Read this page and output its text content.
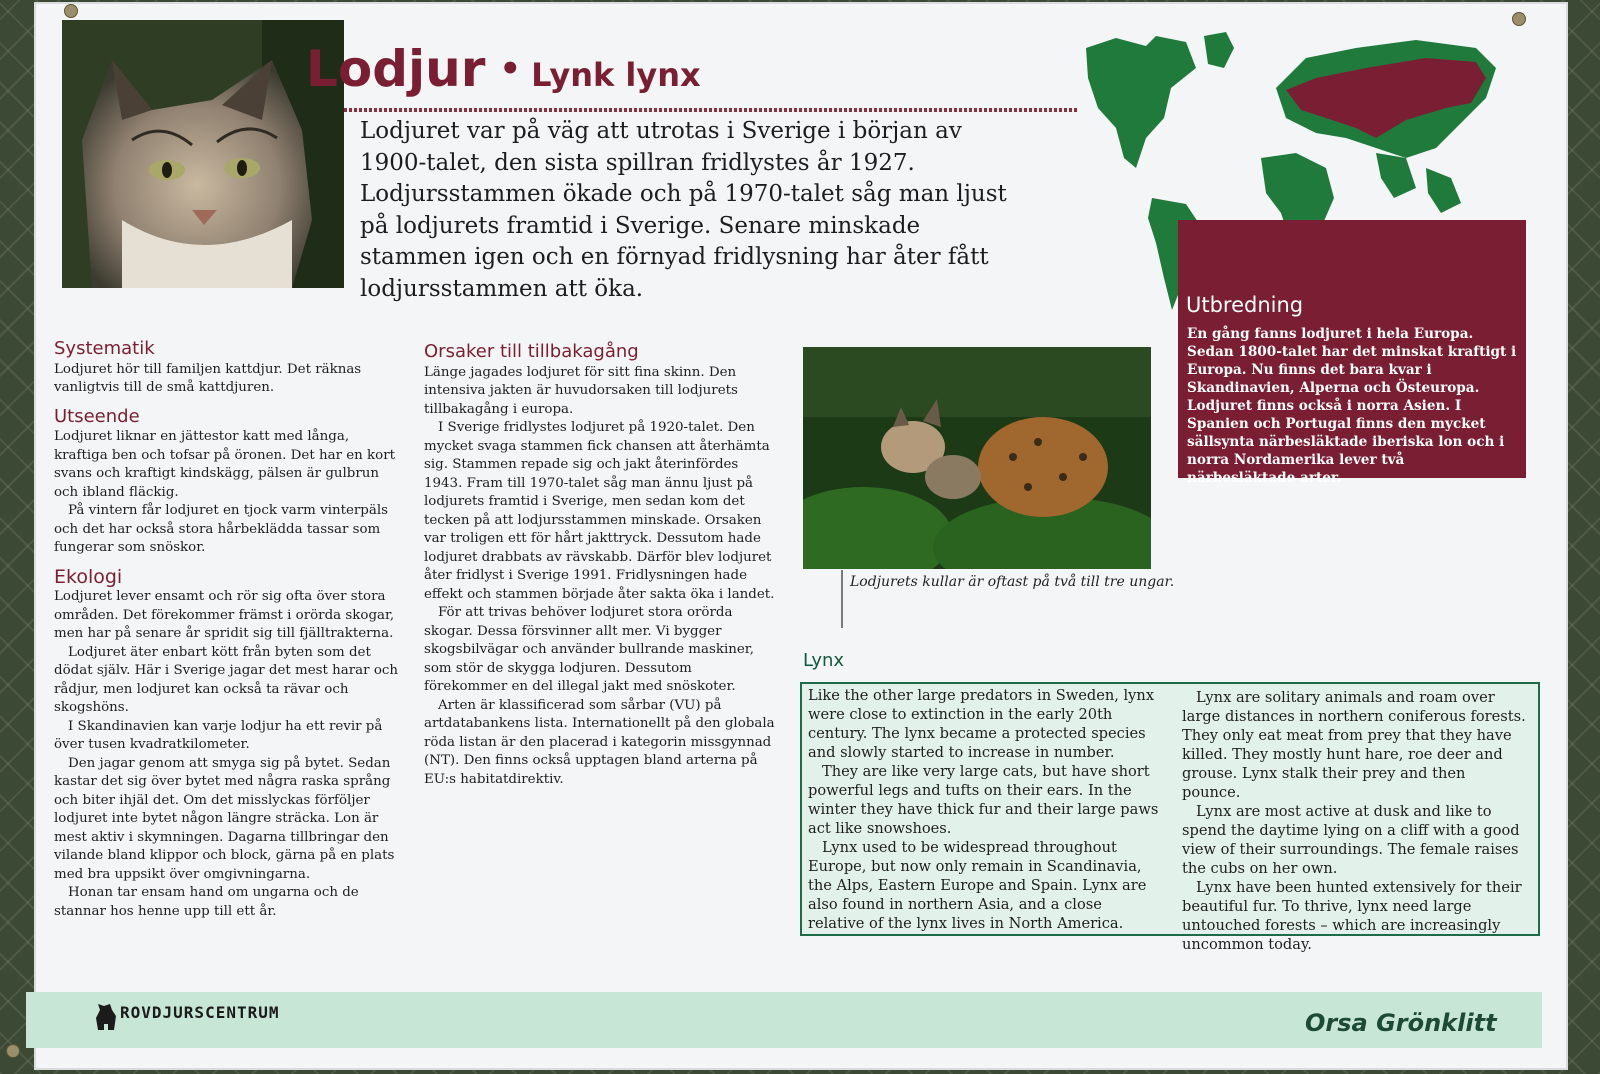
Lodjur • Lynk lynx
Lodjuret var på väg att utrotas i Sverige i början av 1900-talet, den sista spillran fridlystes år 1927. Lodjursstammen ökade och på 1970-talet såg man ljust på lodjurets framtid i Sverige. Senare minskade stammen igen och en förnyad fridlysning har åter fått lodjursstammen att öka.
Utbredning
En gång fanns lodjuret i hela Europa. Sedan 1800-talet har det minskat kraftigt i Europa. Nu finns det bara kvar i Skandinavien, Alperna och Östeuropa. Lodjuret finns också i norra Asien. I Spanien och Portugal finns den mycket sällsynta närbesläktade iberiska lon och i norra Nordamerika lever två närbesläktade arter.
Systematik

Lodjuret hör till familjen kattdjur. Det räknas vanligtvis till de små kattdjuren.

Utseende

Lodjuret liknar en jättestor katt med långa, kraftiga ben och tofsar på öronen. Det har en kort svans och kraftigt kindskägg, pälsen är gulbrun och ibland fläckig.

På vintern får lodjuret en tjock varm vinterpäls och det har också stora hårbeklädda tassar som fungerar som snöskor.

Ekologi

Lodjuret lever ensamt och rör sig ofta över stora områden. Det förekommer främst i orörda skogar, men har på senare år spridit sig till fjälltrakterna.

Lodjuret äter enbart kött från byten som det dödat själv. Här i Sverige jagar det mest harar och rådjur, men lodjuret kan också ta rävar och skogshöns.

I Skandinavien kan varje lodjur ha ett revir på över tusen kvadratkilometer.

Den jagar genom att smyga sig på bytet. Sedan kastar det sig över bytet med några raska språng och biter ihjäl det. Om det misslyckas förföljer lodjuret inte bytet någon längre sträcka. Lon är mest aktiv i skymningen. Dagarna tillbringar den vilande bland klippor och block, gärna på en plats med bra uppsikt över omgivningarna.

Honan tar ensam hand om ungarna och de stannar hos henne upp till ett år.

Orsaker till tillbakagång

Länge jagades lodjuret för sitt fina skinn. Den intensiva jakten är huvudorsaken till lodjurets tillbakagång i europa.

I Sverige fridlystes lodjuret på 1920-talet. Den mycket svaga stammen fick chansen att återhämta sig. Stammen repade sig och jakt återinfördes 1943. Fram till 1970-talet såg man ännu ljust på lodjurets framtid i Sverige, men sedan kom det tecken på att lodjursstammen minskade. Orsaken var troligen ett för hårt jakttryck. Dessutom hade lodjuret drabbats av rävskabb. Därför blev lodjuret åter fridlyst i Sverige 1991. Fridlysningen hade effekt och stammen började åter sakta öka i landet.

För att trivas behöver lodjuret stora orörda skogar. Dessa försvinner allt mer. Vi bygger skogsbilvägar och använder bullrande maskiner, som stör de skygga lodjuren. Dessutom förekommer en del illegal jakt med snöskoter.

Arten är klassificerad som sårbar (VU) på artdatabankens lista. Internationellt på den globala röda listan är den placerad i kategorin missgynnad (NT). Den finns också upptagen bland arterna på EU:s habitatdirektiv.

Lodjurets kullar är oftast på två till tre ungar.
Lynx

Like the other large predators in Sweden, lynx were close to extinction in the early 20th century. The lynx became a protected species and slowly started to increase in number.

They are like very large cats, but have short powerful legs and tufts on their ears. In the winter they have thick fur and their large paws act like snowshoes.

Lynx used to be widespread throughout Europe, but now only remain in Scandinavia, the Alps, Eastern Europe and Spain. Lynx are also found in northern Asia, and a close relative of the lynx lives in North America.

Lynx are solitary animals and roam over large distances in northern coniferous forests. They only eat meat from prey that they have killed. They mostly hunt hare, roe deer and grouse. Lynx stalk their prey and then pounce.

Lynx are most active at dusk and like to spend the daytime lying on a cliff with a good view of their surroundings. The female raises the cubs on her own.

Lynx have been hunted extensively for their beautiful fur. To thrive, lynx need large untouched forests – which are increasingly uncommon today.

ROVDJURSCENTRUM	Orsa Grönklitt
